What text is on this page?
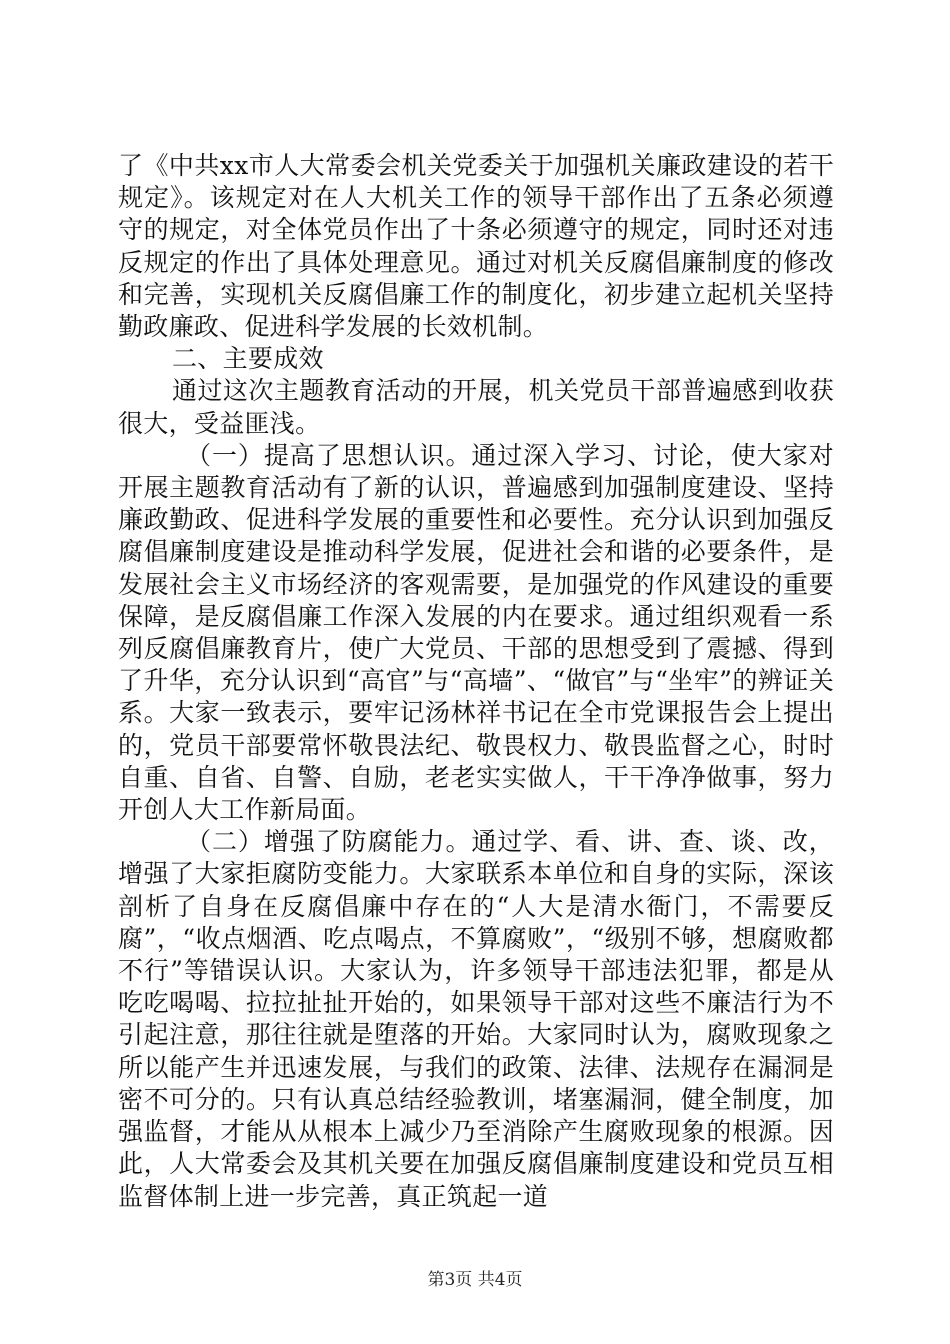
了《中共xx市人大常委会机关党委关于加强机关廉政建设的若干规定》。该规定对在人大机关工作的领导干部作出了五条必须遵守的规定，对全体党员作出了十条必须遵守的规定，同时还对违反规定的作出了具体处理意见。通过对机关反腐倡廉制度的修改和完善，实现机关反腐倡廉工作的制度化，初步建立起机关坚持勤政廉政、促进科学发展的长效机制。

二、主要成效

通过这次主题教育活动的开展，机关党员干部普遍感到收获很大，受益匪浅。

（一）提高了思想认识。通过深入学习、讨论，使大家对开展主题教育活动有了新的认识，普遍感到加强制度建设、坚持廉政勤政、促进科学发展的重要性和必要性。充分认识到加强反腐倡廉制度建设是推动科学发展，促进社会和谐的必要条件，是发展社会主义市场经济的客观需要，是加强党的作风建设的重要保障，是反腐倡廉工作深入发展的内在要求。通过组织观看一系列反腐倡廉教育片，使广大党员、干部的思想受到了震撼、得到了升华，充分认识到“高官”与“高墙”、“做官”与“坐牢”的辨证关系。大家一致表示，要牢记汤林祥书记在全市党课报告会上提出的，党员干部要常怀敬畏法纪、敬畏权力、敬畏监督之心，时时自重、自省、自警、自励，老老实实做人，干干净净做事，努力开创人大工作新局面。

（二）增强了防腐能力。通过学、看、讲、查、谈、改，增强了大家拒腐防变能力。大家联系本单位和自身的实际，深该剖析了自身在反腐倡廉中存在的“人大是清水衙门，不需要反腐”，“收点烟酒、吃点喝点，不算腐败”，“级别不够，想腐败都不行”等错误认识。大家认为，许多领导干部违法犯罪，都是从吃吃喝喝、拉拉扯扯开始的，如果领导干部对这些不廉洁行为不引起注意，那往往就是堕落的开始。大家同时认为，腐败现象之所以能产生并迅速发展，与我们的政策、法律、法规存在漏洞是密不可分的。只有认真总结经验教训，堵塞漏洞，健全制度，加强监督，才能从从根本上减少乃至消除产生腐败现象的根源。因此，人大常委会及其机关要在加强反腐倡廉制度建设和党员互相监督体制上进一步完善，真正筑起一道

第3页 共4页
